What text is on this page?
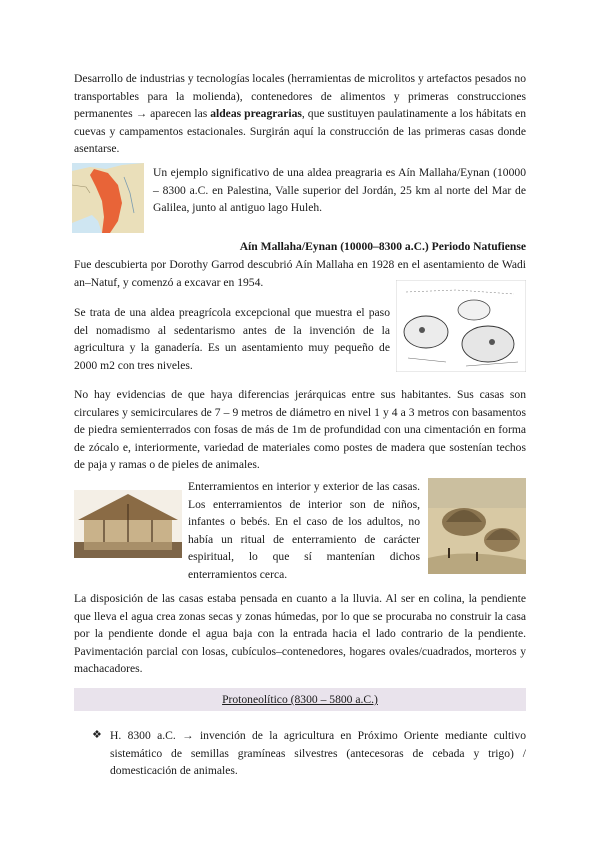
Desarrollo de industrias y tecnologías locales (herramientas de microlitos y artefactos pesados no transportables para la molienda), contenedores de alimentos y primeras construcciones permanentes → aparecen las aldeas preagrarias, que sustituyen paulatinamente a los hábitats en cuevas y campamentos estacionales. Surgirán aquí la construcción de las primeras casas donde asentarse.

Un ejemplo significativo de una aldea preagraria es Aín Mallaha/Eynan (10000 – 8300 a.C. en Palestina, Valle superior del Jordán, 25 km al norte del Mar de Galilea, junto al antiguo lago Huleh.

Aín Mallaha/Eynan (10000–8300 a.C.) Periodo Natufiense

Fue descubierta por Dorothy Garrod descubrió Aín Mallaha en 1928 en el asentamiento de Wadi an–Natuf, y comenzó a excavar en 1954.

Se trata de una aldea preagrícola excepcional que muestra el paso del nomadismo al sedentarismo antes de la invención de la agricultura y la ganadería. Es un asentamiento muy pequeño de 2000 m2 con tres niveles.

No hay evidencias de que haya diferencias jerárquicas entre sus habitantes. Sus casas son circulares y semicirculares de 7 – 9 metros de diámetro en nivel 1 y 4 a 3 metros con basamentos de piedra semienterrados con fosas de más de 1m de profundidad con una cimentación en forma de zócalo e, interiormente, variedad de materiales como postes de madera que sostenían techos de paja y ramas o de pieles de animales.

Enterramientos en interior y exterior de las casas. Los enterramientos de interior son de niños, infantes o bebés. En el caso de los adultos, no había un ritual de enterramiento de carácter espiritual, lo que sí mantenían dichos enterramientos cerca.

La disposición de las casas estaba pensada en cuanto a la lluvia. Al ser en colina, la pendiente que lleva el agua crea zonas secas y zonas húmedas, por lo que se procuraba no construir la casa por la pendiente donde el agua baja con la entrada hacia el lado contrario de la pendiente. Pavimentación parcial con losas, cubículos–contenedores, hogares ovales/cuadrados, morteros y machacadores.

Protoneolítico (8300 – 5800 a.C.)
❖ H. 8300 a.C. → invención de la agricultura en Próximo Oriente mediante cultivo sistemático de semillas gramíneas silvestres (antecesoras de cebada y trigo) / domesticación de animales.
